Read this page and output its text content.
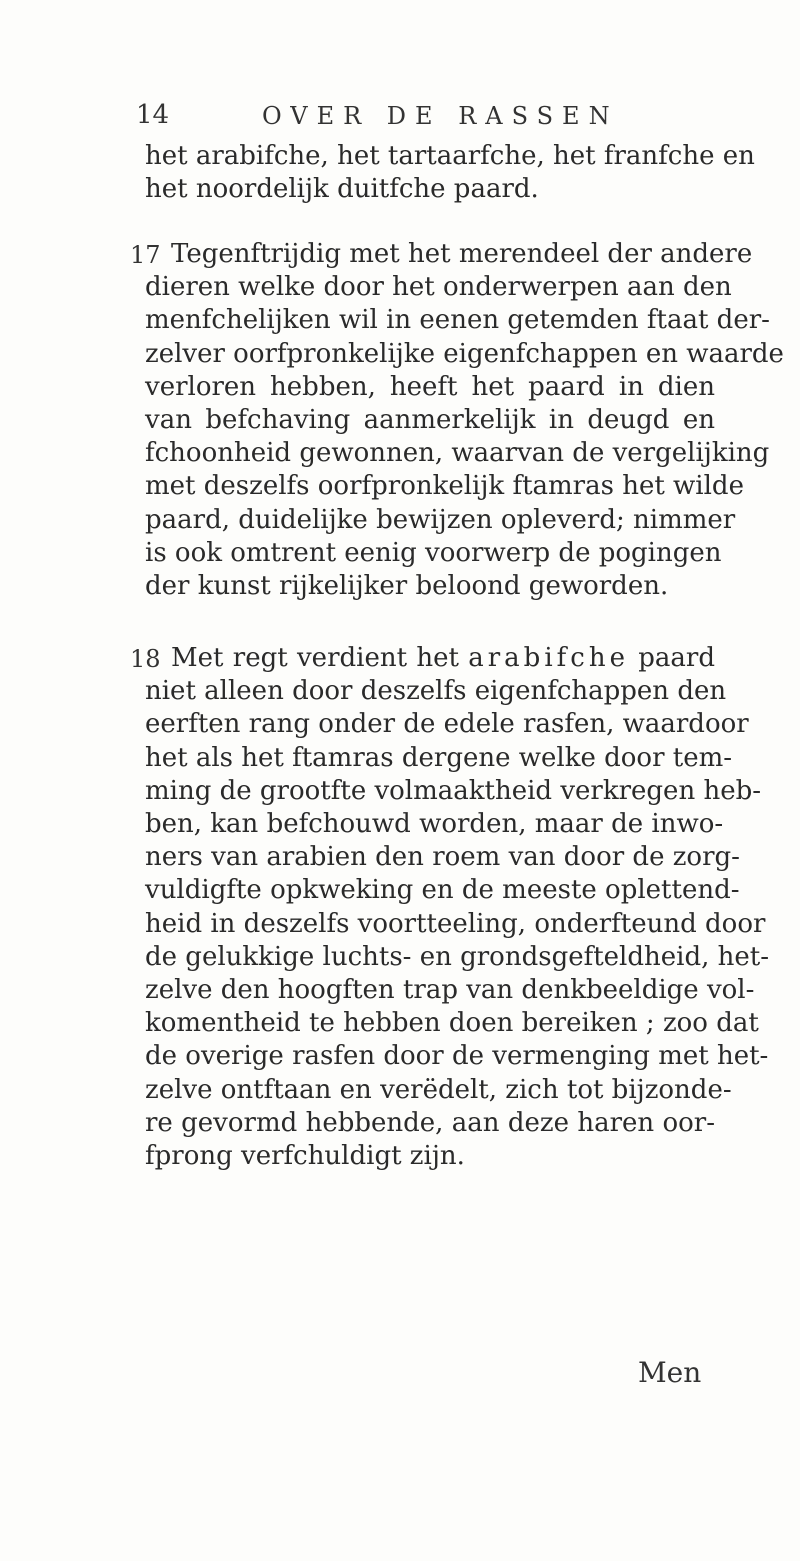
14	OVER DE RASSEN
het arabifche, het tartaarfche, het franfche en
het noordelijk duitfche paard.
17 Tegenftrijdig met het merendeel der andere
dieren welke door het onderwerpen aan den
menfchelijken wil in eenen getemden ftaat der-
zelver oorfpronkelijke eigenfchappen en waarde
verloren hebben, heeft het paard in dien
van befchaving aanmerkelijk in deugd en
fchoonheid gewonnen, waarvan de vergelijking
met deszelfs oorfpronkelijk ftamras het wilde
paard, duidelijke bewijzen opleverd; nimmer
is ook omtrent eenig voorwerp de pogingen
der kunst rijkelijker beloond geworden.
18 Met regt verdient het arabifche paard
niet alleen door deszelfs eigenfchappen den
eerften rang onder de edele rasfen, waardoor
het als het ftamras dergene welke door tem-
ming de grootfte volmaaktheid verkregen heb-
ben, kan befchouwd worden, maar de inwo-
ners van arabien den roem van door de zorg-
vuldigfte opkweking en de meeste oplettend-
heid in deszelfs voortteeling, onderfteund door
de gelukkige luchts- en grondsgefteldheid, het-
zelve den hoogften trap van denkbeeldige vol-
komentheid te hebben doen bereiken ; zoo dat
de overige rasfen door de vermenging met het-
zelve ontftaan en verëdelt, zich tot bijzonde-
re gevormd hebbende, aan deze haren oor-
fprong verfchuldigt zijn.
Men
